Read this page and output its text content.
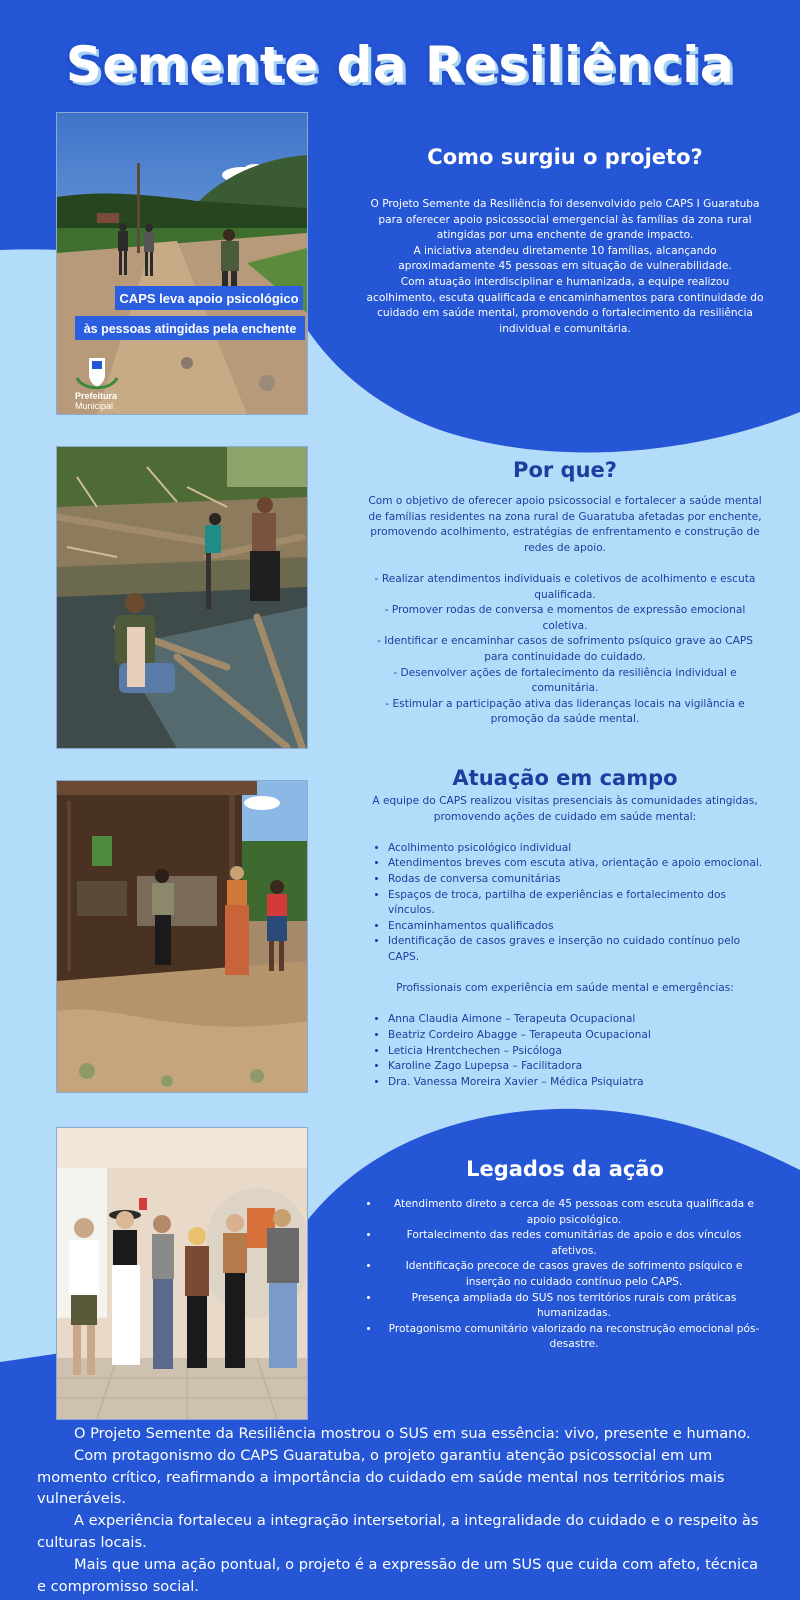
Semente da Resiliência
CAPS leva apoio psicológico
às pessoas atingidas pela enchente
Prefeitura
Municipal
Como surgiu o projeto?
O Projeto Semente da Resiliência foi desenvolvido pelo CAPS I Guaratuba
para oferecer apoio psicossocial emergencial às famílias da zona rural
atingidas por uma enchente de grande impacto.
A iniciativa atendeu diretamente 10 famílias, alcançando
aproximadamente 45 pessoas em situação de vulnerabilidade.
Com atuação interdisciplinar e humanizada, a equipe realizou
acolhimento, escuta qualificada e encaminhamentos para continuidade do
cuidado em saúde mental, promovendo o fortalecimento da resiliência
individual e comunitária.
Por que?
Com o objetivo de oferecer apoio psicossocial e fortalecer a saúde mental de famílias residentes na zona rural de Guaratuba afetadas por enchente, promovendo acolhimento, estratégias de enfrentamento e construção de redes de apoio.
- Realizar atendimentos individuais e coletivos de acolhimento e escuta qualificada.
- Promover rodas de conversa e momentos de expressão emocional coletiva.
- Identificar e encaminhar casos de sofrimento psíquico grave ao CAPS para continuidade do cuidado.
- Desenvolver ações de fortalecimento da resiliência individual e comunitária.
- Estimular a participação ativa das lideranças locais na vigilância e promoção da saúde mental.
Atuação em campo
A equipe do CAPS realizou visitas presenciais às comunidades atingidas, promovendo ações de cuidado em saúde mental:
• Acolhimento psicológico individual
• Atendimentos breves com escuta ativa, orientação e apoio emocional.
• Rodas de conversa comunitárias
• Espaços de troca, partilha de experiências e fortalecimento dos vínculos.
• Encaminhamentos qualificados
• Identificação de casos graves e inserção no cuidado contínuo pelo CAPS.
Profissionais com experiência em saúde mental e emergências:
• Anna Claudia Aimone – Terapeuta Ocupacional
• Beatriz Cordeiro Abagge – Terapeuta Ocupacional
• Leticia Hrentchechen – Psicóloga
• Karoline Zago Lupepsa – Facilitadora
• Dra. Vanessa Moreira Xavier – Médica Psiquiatra
Legados da ação
• Atendimento direto a cerca de 45 pessoas com escuta qualificada e apoio psicológico.
• Fortalecimento das redes comunitárias de apoio e dos vínculos afetivos.
• Identificação precoce de casos graves de sofrimento psíquico e inserção no cuidado contínuo pelo CAPS.
• Presença ampliada do SUS nos territórios rurais com práticas humanizadas.
• Protagonismo comunitário valorizado na reconstrução emocional pós-desastre.

O Projeto Semente da Resiliência mostrou o SUS em sua essência: vivo, presente e humano.

Com protagonismo do CAPS Guaratuba, o projeto garantiu atenção psicossocial em um momento crítico, reafirmando a importância do cuidado em saúde mental nos territórios mais vulneráveis.

A experiência fortaleceu a integração intersetorial, a integralidade do cuidado e o respeito às culturas locais.

Mais que uma ação pontual, o projeto é a expressão de um SUS que cuida com afeto, técnica e compromisso social.
